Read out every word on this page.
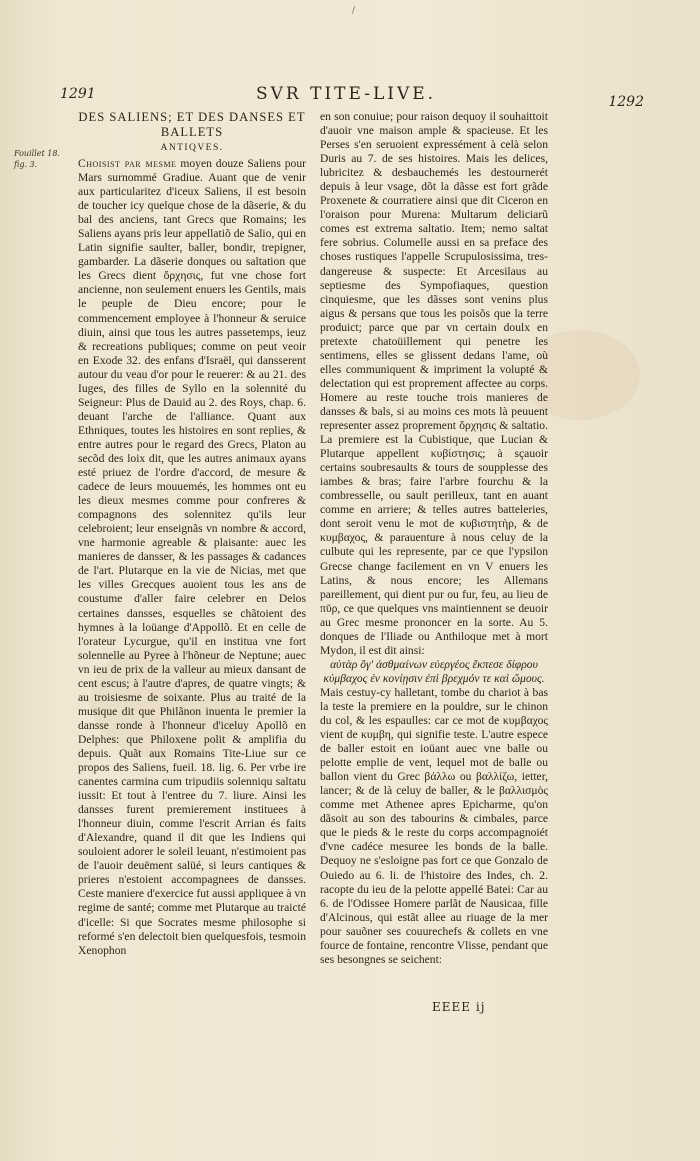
/
1291	SVR TITE-LIVE.	1292
Fouillet 18. fig. 3.
DES SALIENS; ET DES DANSES ET BALLETS
ANTIQVES.

Choisist par mesme moyen douze Saliens pour Mars surnommé Gradiue. Auant que de venir aux particularitez d'iceux Saliens, il est besoin de toucher icy quelque chose de la dãserie, & du bal des anciens, tant Grecs que Romains; les Saliens ayans pris leur appellatiõ de Salio, qui en Latin signifie saulter, baller, bondir, trepigner, gambarder. La dãserie donques ou saltation que les Grecs dient ὄρχησις, fut vne chose fort ancienne, non seulement enuers les Gentils, mais le peuple de Dieu encore; pour le commencement employee à l'honneur & seruice diuin, ainsi que tous les autres passetemps, ieuz & recreations publiques; comme on peut veoir en Exode 32. des enfans d'Israël, qui dansserent autour du veau d'or pour le reuerer: & au 21. des Iuges, des filles de Syllo en la solennité du Seigneur: Plus de Dauid au 2. des Roys, chap. 6. deuant l'arche de l'alliance. Quant aux Ethniques, toutes les histoires en sont replies, & entre autres pour le regard des Grecs, Platon au secõd des loix dit, que les autres animaux ayans esté priuez de l'ordre d'accord, de mesure & cadece de leurs mouuemés, les hommes ont eu les dieux mesmes comme pour confreres & compagnons des solennitez qu'ils leur celebroient; leur enseignãs vn nombre & accord, vne harmonie agreable & plaisante: auec les manieres de dansser, & les passages & cadances de l'art. Plutarque en la vie de Nicias, met que les villes Grecques auoient tous les ans de coustume d'aller faire celebrer en Delos certaines dansses, esquelles se chãtoient des hymnes à la loüange d'Appollõ. Et en celle de l'orateur Lycurgue, qu'il en institua vne fort solennelle au Pyree à l'hõneur de Neptune; auec vn ieu de prix de la valleur au mieux dansant de cent escus; à l'autre d'apres, de quatre vingts; & au troisiesme de soixante. Plus au traité de la musique dit que Philãnon inuenta le premier la dansse ronde à l'honneur d'iceluy Apollõ en Delphes: que Philoxene polit & amplifia du depuis. Quãt aux Romains Tite-Liue sur ce propos des Saliens, fueil. 18. lig. 6. Per vrbe ire canentes carmina cum tripudiis solenniqu saltatu iussit: Et tout à l'entree du 7. liure. Ainsi les dansses furent premierement instituees à l'honneur diuin, comme l'escrit Arrian és faits d'Alexandre, quand il dit que les Indiens qui souloient adorer le soleil leuant, n'estimoient pas de l'auoir deuëment salüé, si leurs cantiques & prieres n'estoient accompagnees de dansses. Ceste maniere d'exercice fut aussi appliquee à vn regime de santé; comme met Plutarque au traicté d'icelle: Si que Socrates mesme philosophe si reformé s'en delectoit bien quelquesfois, tesmoin Xenophon

en son conuiue; pour raison dequoy il souhaittoit d'auoir vne maison ample & spacieuse. Et les Perses s'en seruoient expressément à celà selon Duris au 7. de ses histoires. Mais les delices, lubricitez & desbauchemés les destournerét depuis à leur vsage, dõt la dãsse est fort grãde Proxenete & courratiere ainsi que dit Ciceron en l'oraison pour Murena: Multarum deliciarũ comes est extrema saltatio. Item; nemo saltat fere sobrius. Columelle aussi en sa preface des choses rustiques l'appelle Scrupulosissima, tres-dangereuse & suspecte: Et Arcesilaus au septiesme des Sympofiaques, question cinquiesme, que les dãsses sont venins plus aigus & persans que tous les poisõs que la terre produict; parce que par vn certain doulx en pretexte chatoüillement qui penetre les sentimens, elles se glissent dedans l'ame, où elles communiquent & impriment la volupté & delectation qui est proprement affectee au corps. Homere au reste touche trois manieres de dansses & bals, si au moins ces mots là peuuent representer assez proprement ὄρχησις & saltatio. La premiere est la Cubistique, que Lucian & Plutarque appellent κυβίστησις; à sçauoir certains soubresaults & tours de soupplesse des iambes & bras; faire l'arbre fourchu & la combresselle, ou sault perilleux, tant en auant comme en arriere; & telles autres batteleries, dont seroit venu le mot de κυβιστητὴρ, & de κυμβαχος, & parauenture à nous celuy de la culbute qui les represente, par ce que l'ypsilon Grecse change facilement en vn V enuers les Latins, & nous encore; les Allemans pareillement, qui dient pur ou fur, feu, au lieu de πῦρ, ce que quelques vns maintiennent se deuoir au Grec mesme prononcer en la sorte. Au 5. donques de l'Iliade ou Anthiloque met à mort Mydon, il est dit ainsi:

αὐτὰρ ὅγ' ἀσθμαίνων εὐεργέος ἔκπεσε δίφρου κύμβαχος ἐν κονίῃσιν ἐπὶ βρεχμόν τε καὶ ὤμους.

Mais cestuy-cy halletant, tombe du chariot à bas la teste la premiere en la pouldre, sur le chinon du col, & les espaulles: car ce mot de κυμβαχος vient de κυμβη, qui signifie teste. L'autre espece de baller estoit en ioüant auec vne balle ou pelotte emplie de vent, lequel mot de balle ou ballon vient du Grec βάλλω ou βαλλίζω, ietter, lancer; & de là celuy de baller, & le βαλλισμὸς comme met Athenee apres Epicharme, qu'on dãsoit au son des tabourins & cimbales, parce que le pieds & le reste du corps accompagnoiét d'vne cadéce mesuree les bonds de la balle. Dequoy ne s'esloigne pas fort ce que Gonzalo de Ouiedo au 6. li. de l'histoire des Indes, ch. 2. racopte du ieu de la pelotte appellé Batei: Car au 6. de l'Odissee Homere parlãt de Nausicaa, fille d'Alcinous, qui estãt allee au riuage de la mer pour sauõner ses couurechefs & collets en vne fource de fontaine, rencontre Vlisse, pendant que ses besongnes se seichent:

EEEE ij
